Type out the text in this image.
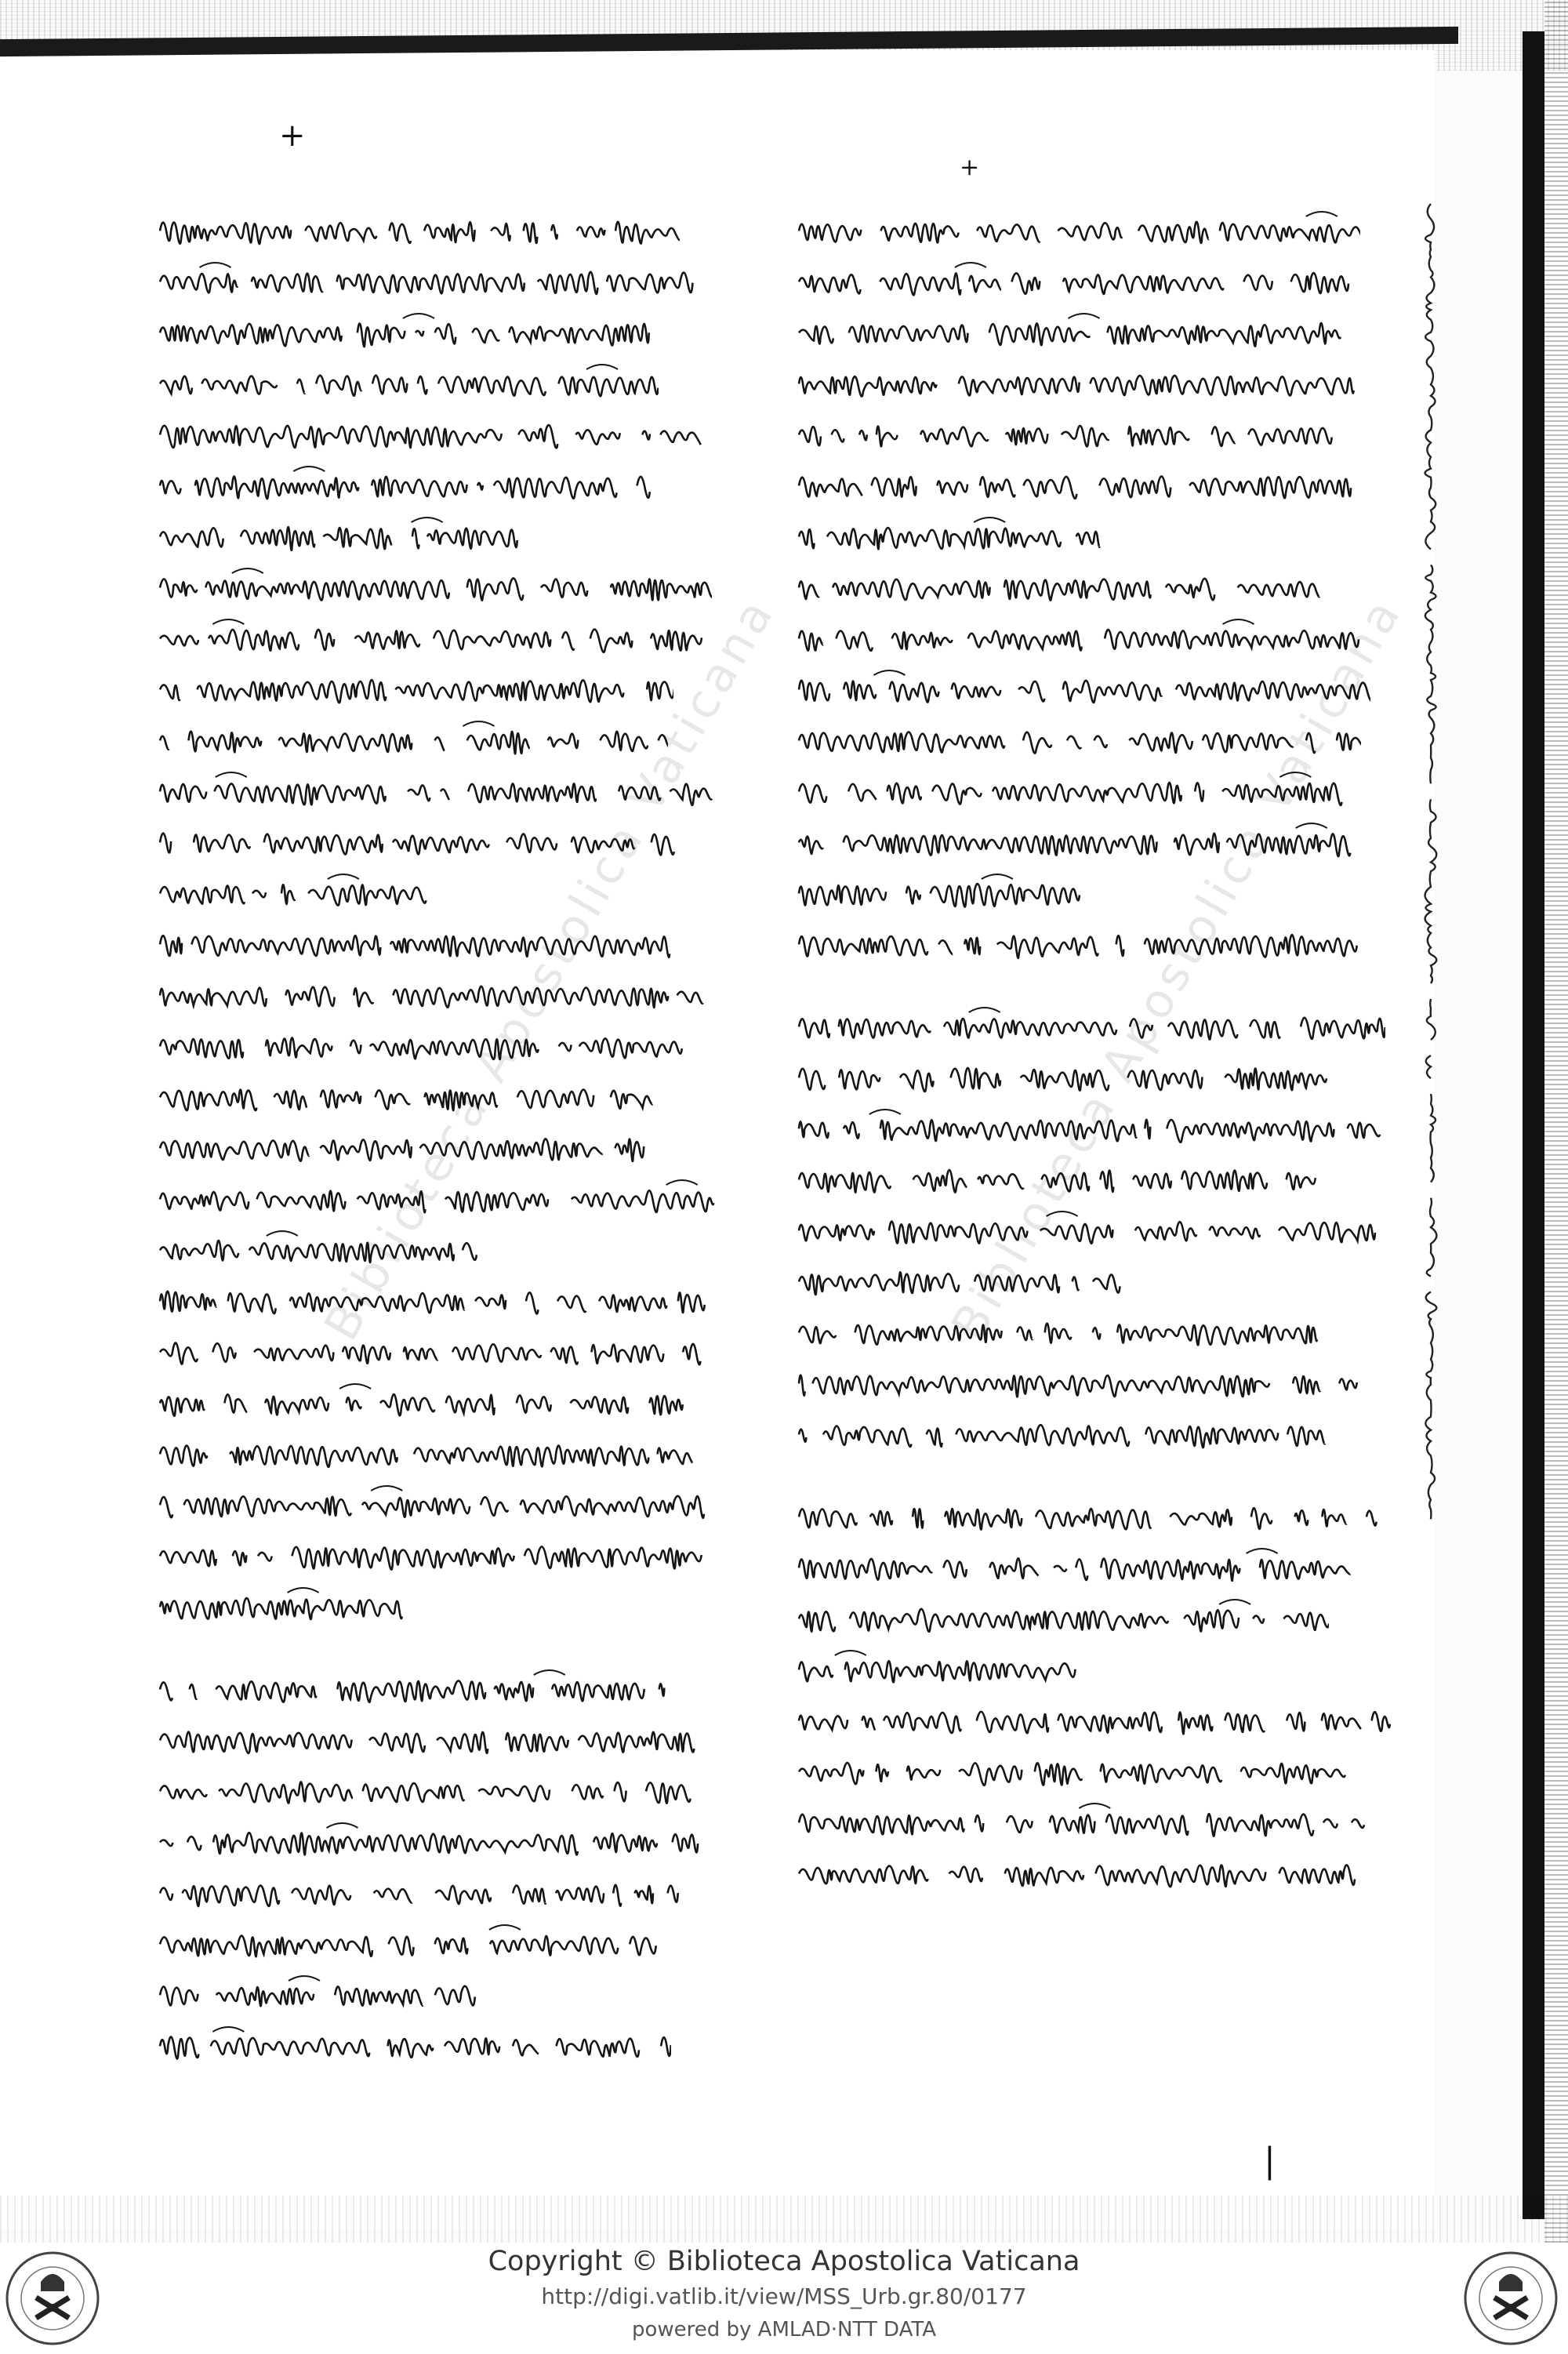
+
+
|
Biblioteca Apostolica Vaticana	Biblioteca Apostolica Vaticana
Copyright © Biblioteca Apostolica Vaticana
http://digi.vatlib.it/view/MSS_Urb.gr.80/0177
powered by AMLAD·NTT DATA
